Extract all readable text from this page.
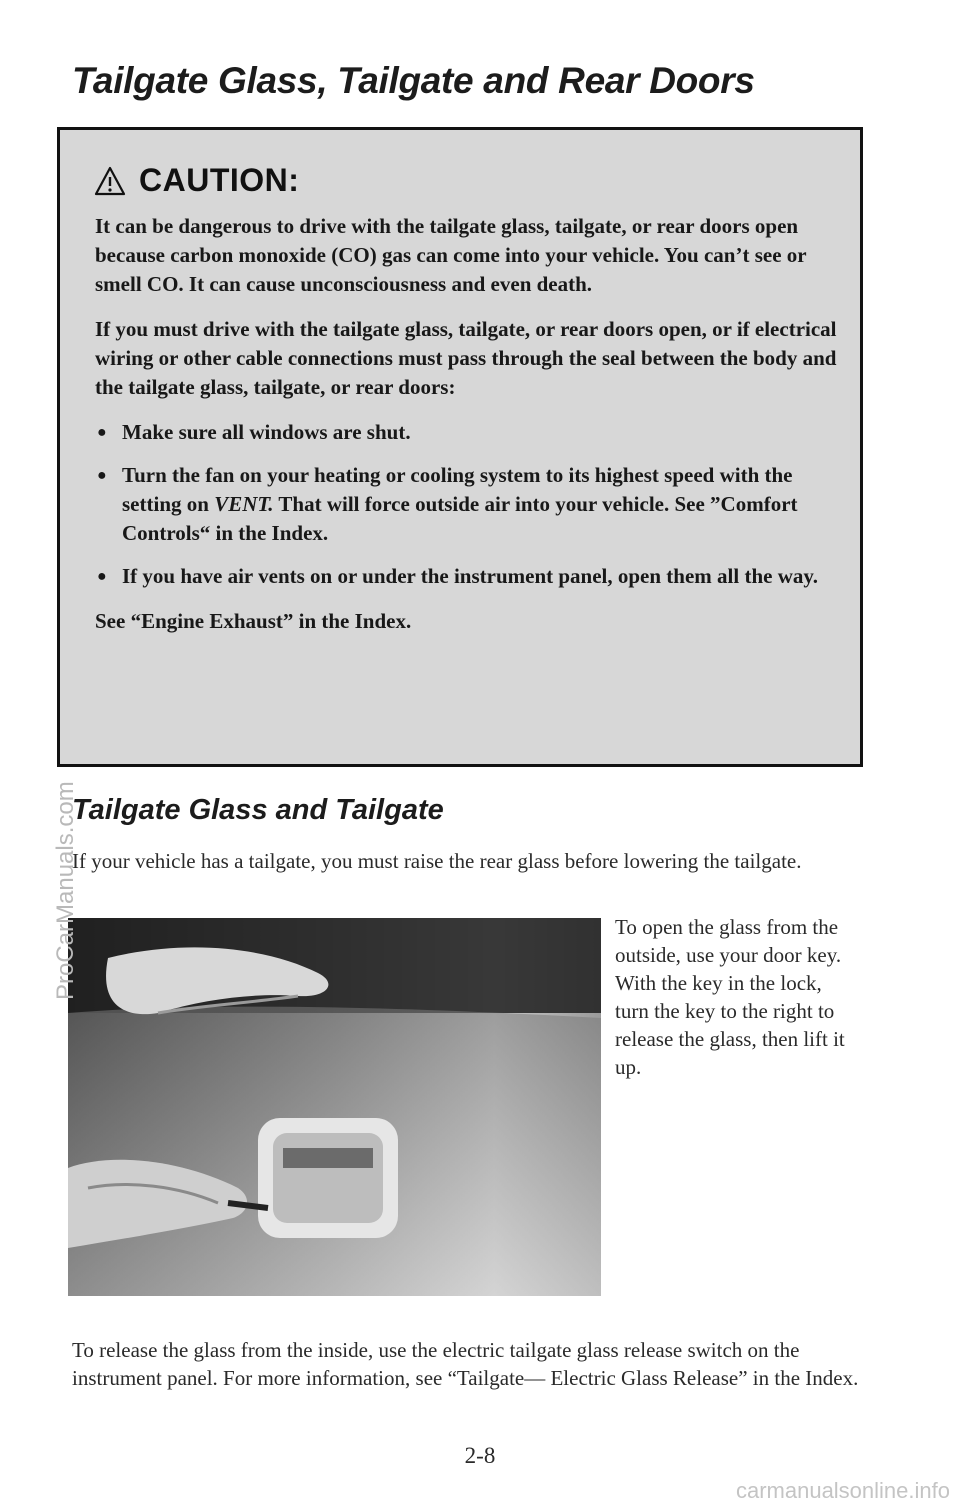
Tailgate Glass, Tailgate and Rear Doors
CAUTION:

It can be dangerous to drive with the tailgate glass, tailgate, or rear doors open because carbon monoxide (CO) gas can come into your vehicle. You can’t see or smell CO. It can cause unconsciousness and even death.

If you must drive with the tailgate glass, tailgate, or rear doors open, or if electrical wiring or other cable connections must pass through the seal between the body and the tailgate glass, tailgate, or rear doors:

● Make sure all windows are shut.
● Turn the fan on your heating or cooling system to its highest speed with the setting on VENT. That will force outside air into your vehicle. See ”Comfort Controls“ in the Index.
● If you have air vents on or under the instrument panel, open them all the way.

See “Engine Exhaust” in the Index.

Tailgate Glass and Tailgate

If your vehicle has a tailgate, you must raise the rear glass before lowering the tailgate.

To open the glass from the outside, use your door key. With the key in the lock, turn the key to the right to release the glass, then lift it up.

To release the glass from the inside, use the electric tailgate glass release switch on the instrument panel. For more information, see “Tailgate— Electric Glass Release” in the Index.

2-8
ProCarManuals.com
carmanualsonline.info
